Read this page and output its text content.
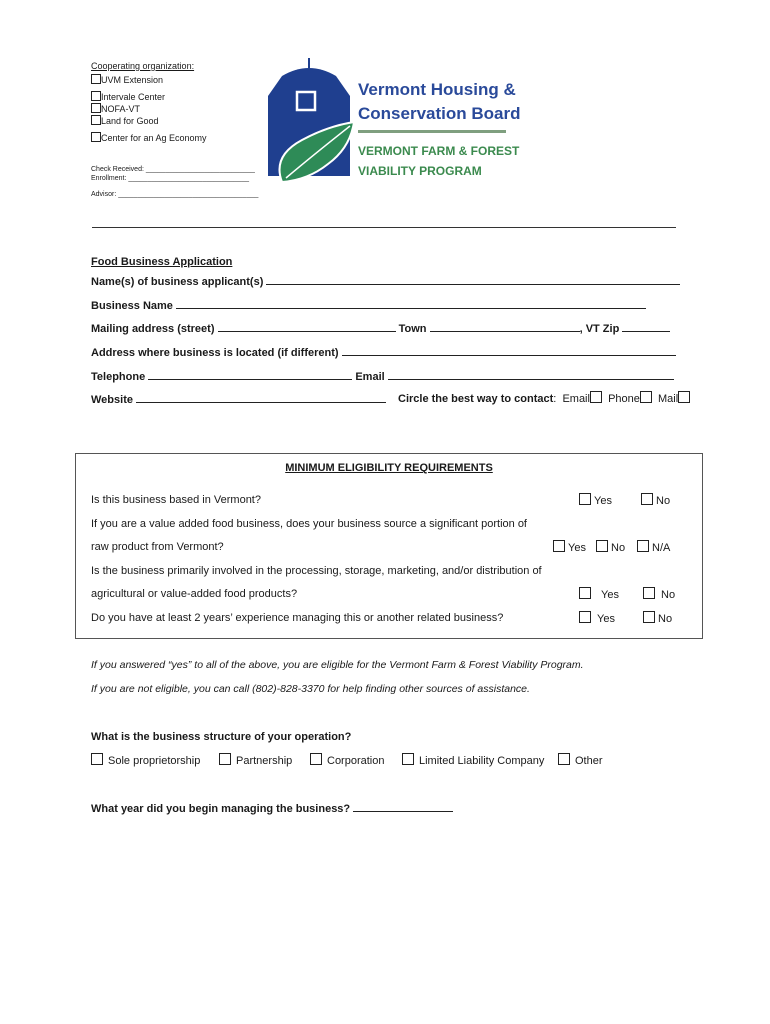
Cooperating organization:
UVM Extension
Intervale Center
NOFA-VT
Land for Good
Center for an Ag Economy
Check Received: ____________________________
Enrollment: _______________________________
Advisor: ____________________________________
Vermont Housing &
Conservation Board
VERMONT FARM & FOREST
VIABILITY PROGRAM
Food Business Application
Name(s) of business applicant(s)
Business Name
Mailing address (street)	Town	, VT Zip
Address where business is located (if different)
Telephone	Email
Website	Circle the best way to contact:  Email Phone Mail
MINIMUM ELIGIBILITY REQUIREMENTS
Is this business based in Vermont?	Yes	No
If you are a value added food business, does your business source a significant portion of
raw product from Vermont?	Yes	No	N/A
Is the business primarily involved in the processing, storage, marketing, and/or distribution of
agricultural or value-added food products?	Yes	No
Do you have at least 2 years’ experience managing this or another related business?	Yes	No
If you answered “yes” to all of the above, you are eligible for the Vermont Farm & Forest Viability Program.
If you are not eligible, you can call (802)-828-3370 for help finding other sources of assistance.
What is the business structure of your operation?
Sole proprietorship	Partnership	Corporation	Limited Liability Company	Other
What year did you begin managing the business?
